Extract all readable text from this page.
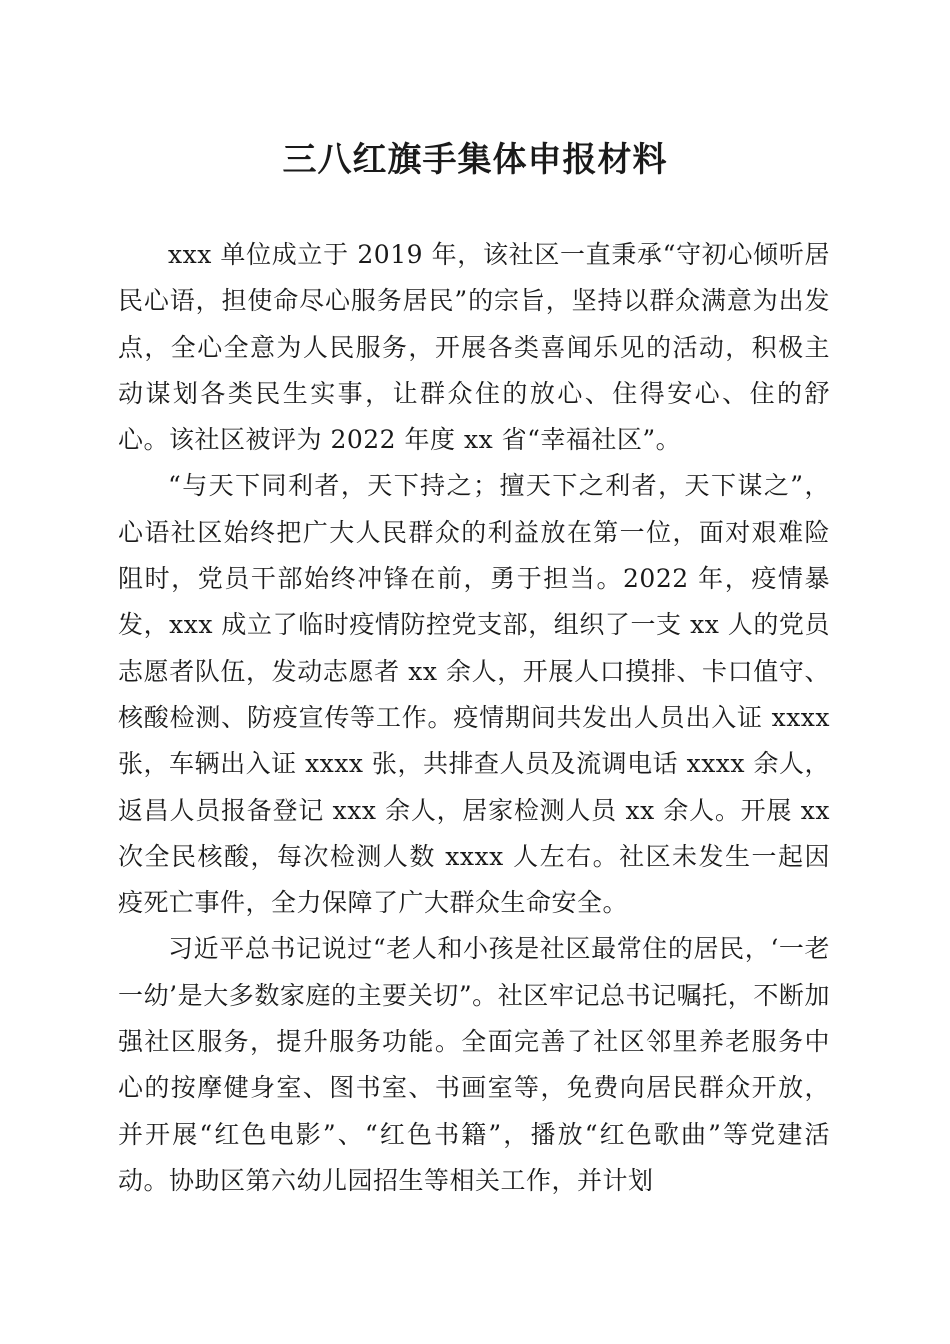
三八红旗手集体申报材料

xxx 单位成立于 2019 年，该社区一直秉承“守初心倾听居民心语，担使命尽心服务居民”的宗旨，坚持以群众满意为出发点，全心全意为人民服务，开展各类喜闻乐见的活动，积极主动谋划各类民生实事，让群众住的放心、住得安心、住的舒心。该社区被评为 2022 年度 xx 省“幸福社区”。

“与天下同利者，天下持之；擅天下之利者，天下谋之”，心语社区始终把广大人民群众的利益放在第一位，面对艰难险阻时，党员干部始终冲锋在前，勇于担当。2022 年，疫情暴发，xxx 成立了临时疫情防控党支部，组织了一支 xx 人的党员志愿者队伍，发动志愿者 xx 余人，开展人口摸排、卡口值守、核酸检测、防疫宣传等工作。疫情期间共发出人员出入证 xxxx 张，车辆出入证 xxxx 张，共排查人员及流调电话 xxxx 余人，返昌人员报备登记 xxx 余人，居家检测人员 xx 余人。开展 xx 次全民核酸，每次检测人数 xxxx 人左右。社区未发生一起因疫死亡事件，全力保障了广大群众生命安全。

习近平总书记说过“老人和小孩是社区最常住的居民，‘一老一幼’是大多数家庭的主要关切”。社区牢记总书记嘱托，不断加强社区服务，提升服务功能。全面完善了社区邻里养老服务中心的按摩健身室、图书室、书画室等，免费向居民群众开放，并开展“红色电影”、“红色书籍”，播放“红色歌曲”等党建活动。协助区第六幼儿园招生等相关工作，并计划
